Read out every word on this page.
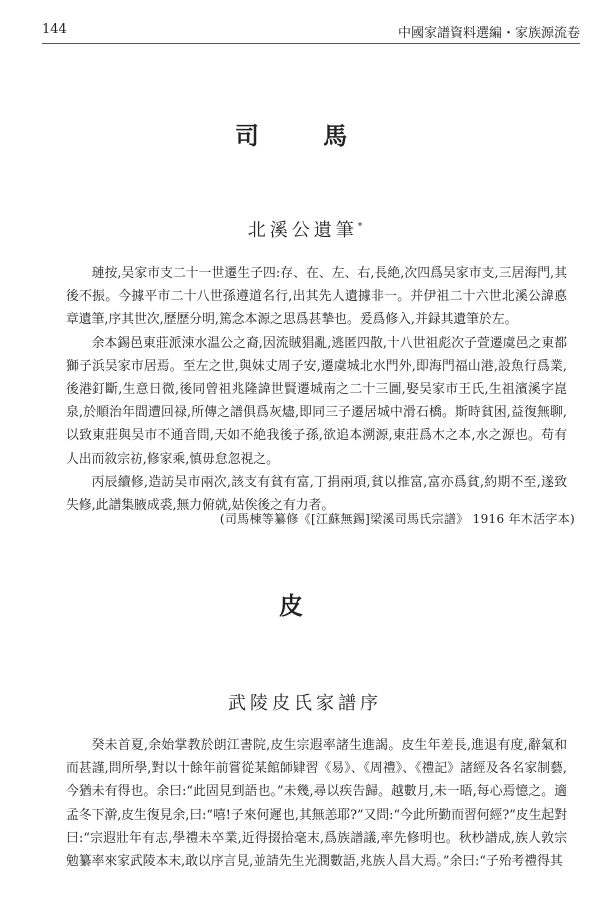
144	中國家譜資料選編・家族源流卷
司 馬
北溪公遺筆*

璉按,吴家市支二十一世遷生子四:存、在、左、右,長絶,次四爲吴家市支,三居海門,其後不振。今據平市二十八世孫遵道名行,出其先人遺據非一。并伊祖二十六世北溪公諱悳章遺筆,序其世次,歷歷分明,篤念本源之思爲甚摯也。爰爲修入,并録其遺筆於左。

余本錫邑東莊派涑水温公之裔,因流賊猖亂,逃匿四散,十八世祖彪次子萱遷虞邑之東都獅子浜吴家市居焉。至左之世,與妹丈周子安,遷虞城北水門外,即海門福山港,設魚行爲業,後港釘斷,生意日微,後同曾祖兆隆諱世賢遷城南之二十三圖,娶吴家市王氏,生祖濱溪字崑泉,於順治年間遭回禄,所傳之譜俱爲灰燼,即同三子遷居城中滑石橋。斯時貧困,益復無聊,以致東莊與吴市不通音問,天如不絶我後子孫,欲追本溯源,東莊爲木之本,水之源也。苟有人出而敘宗祊,修家乘,慎毋怠忽視之。

丙辰續修,造訪吴市兩次,該支有貧有富,丁捐兩項,貧以推富,富亦爲貧,約期不至,遂致失修,此譜集腋成裘,無力俯就,姑俟後之有力者。

(司馬棟等纂修《[江蘇無錫]梁溪司馬氏宗譜》 1916 年木活字本)
皮
武陵皮氏家譜序

癸未首夏,余始掌教於朗江書院,皮生宗遐率諸生進謁。皮生年差長,進退有度,辭氣和而甚謹,問所學,對以十餘年前嘗從某館師肄習《易》、《周禮》、《禮記》諸經及各名家制藝,今猶未有得也。余曰:“此固見到語也。”未幾,尋以疾告歸。越數月,未一晤,每心焉憶之。適孟冬下澣,皮生復見余,曰:“嘻!子來何遲也,其無恙耶?”又問:“今此所勤而習何經?”皮生起對曰:“宗遐壯年有志,學禮未卒業,近得掇拾毫末,爲族譜議,率先修明也。秋杪譜成,族人敦宗勉纂率來家武陵本末,敢以序言見,並請先生光潤數語,兆族人昌大焉。”余曰:“子殆考禮得其
